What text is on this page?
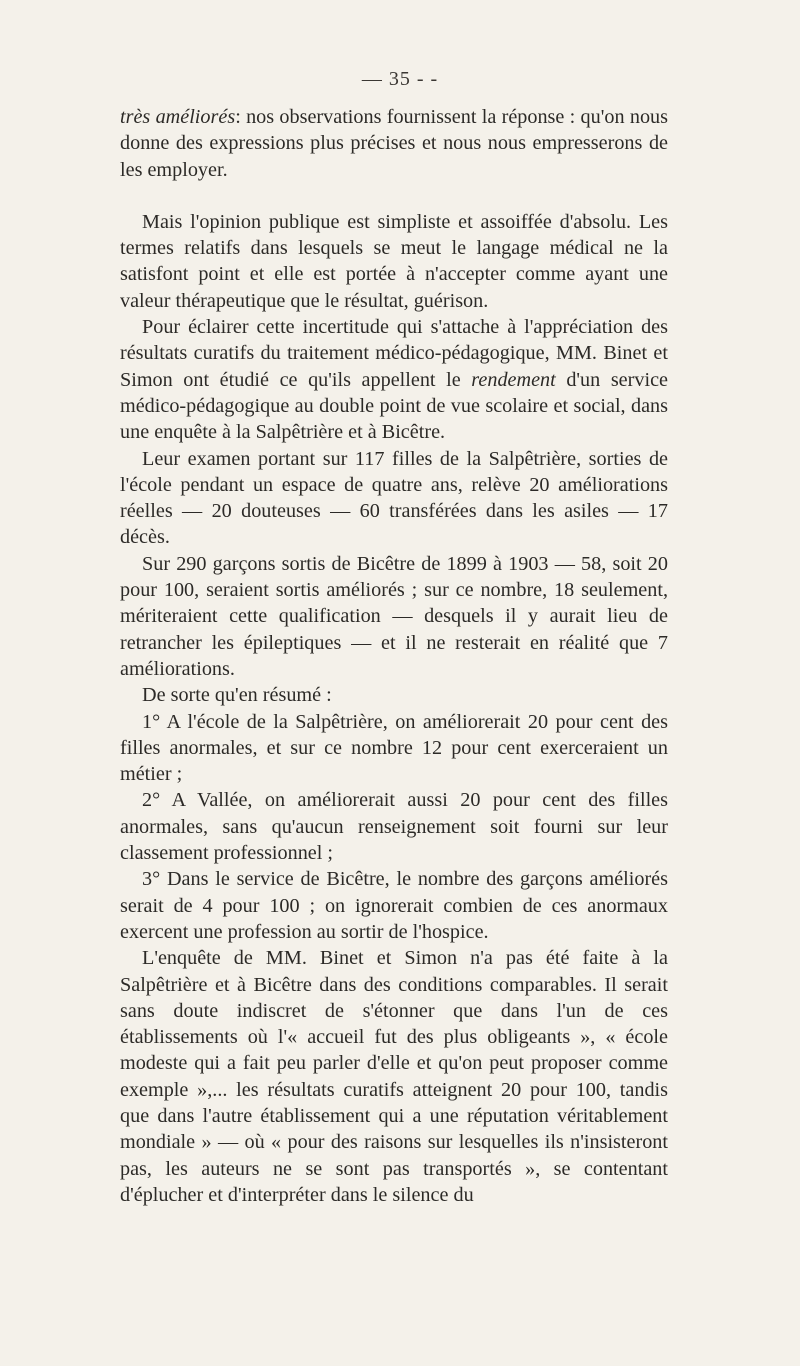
— 35 - -

très améliorés: nos observations fournissent la réponse : qu'on nous donne des expressions plus précises et nous nous empresserons de les employer.

Mais l'opinion publique est simpliste et assoiffée d'absolu. Les termes relatifs dans lesquels se meut le langage médical ne la satisfont point et elle est portée à n'accepter comme ayant une valeur thérapeutique que le résultat, guérison.

Pour éclairer cette incertitude qui s'attache à l'appréciation des résultats curatifs du traitement médico-pédagogique, MM. Binet et Simon ont étudié ce qu'ils appellent le rendement d'un service médico-pédagogique au double point de vue scolaire et social, dans une enquête à la Salpêtrière et à Bicêtre.

Leur examen portant sur 117 filles de la Salpêtrière, sorties de l'école pendant un espace de quatre ans, relève 20 améliorations réelles — 20 douteuses — 60 transférées dans les asiles — 17 décès.

Sur 290 garçons sortis de Bicêtre de 1899 à 1903 — 58, soit 20 pour 100, seraient sortis améliorés ; sur ce nombre, 18 seulement, mériteraient cette qualification — desquels il y aurait lieu de retrancher les épileptiques — et il ne resterait en réalité que 7 améliorations.

De sorte qu'en résumé :

1° A l'école de la Salpêtrière, on améliorerait 20 pour cent des filles anormales, et sur ce nombre 12 pour cent exerceraient un métier ;

2° A Vallée, on améliorerait aussi 20 pour cent des filles anormales, sans qu'aucun renseignement soit fourni sur leur classement professionnel ;

3° Dans le service de Bicêtre, le nombre des garçons améliorés serait de 4 pour 100 ; on ignorerait combien de ces anormaux exercent une profession au sortir de l'hospice.

L'enquête de MM. Binet et Simon n'a pas été faite à la Salpêtrière et à Bicêtre dans des conditions comparables. Il serait sans doute indiscret de s'étonner que dans l'un de ces établissements où l'« accueil fut des plus obligeants », « école modeste qui a fait peu parler d'elle et qu'on peut proposer comme exemple »,... les résultats curatifs atteignent 20 pour 100, tandis que dans l'autre établissement qui a une réputation véritablement mondiale » — où « pour des raisons sur lesquelles ils n'insisteront pas, les auteurs ne se sont pas transportés », se contentant d'éplucher et d'interpréter dans le silence du
